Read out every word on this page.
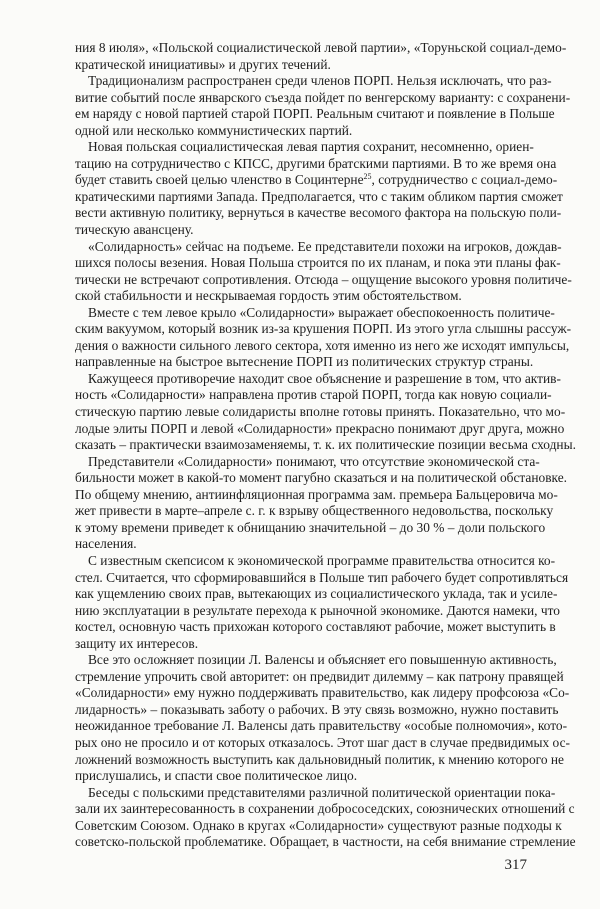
ния 8 июля», «Польской социалистической левой партии», «Торуньской социал-демо-
кратической инициативы» и других течений.
Традиционализм распространен среди членов ПОРП. Нельзя исключать, что раз-
витие событий после январского съезда пойдет по венгерскому варианту: с сохранени-
ем наряду с новой партией старой ПОРП. Реальным считают и появление в Польше
одной или несколько коммунистических партий.
Новая польская социалистическая левая партия сохранит, несомненно, ориен-
тацию на сотрудничество с КПСС, другими братскими партиями. В то же время она
будет ставить своей целью членство в Социнтерне$^{25}$, сотрудничество с социал-демо-
кратическими партиями Запада. Предполагается, что с таким обликом партия сможет
вести активную политику, вернуться в качестве весомого фактора на польскую поли-
тическую авансцену.
«Солидарность» сейчас на подъеме. Ее представители похожи на игроков, дождав-
шихся полосы везения. Новая Польша строится по их планам, и пока эти планы фак-
тически не встречают сопротивления. Отсюда – ощущение высокого уровня политиче-
ской стабильности и нескрываемая гордость этим обстоятельством.
Вместе с тем левое крыло «Солидарности» выражает обеспокоенность политиче-
ским вакуумом, который возник из-за крушения ПОРП. Из этого угла слышны рассуж-
дения о важности сильного левого сектора, хотя именно из него же исходят импульсы,
направленные на быстрое вытеснение ПОРП из политических структур страны.
Кажущееся противоречие находит свое объяснение и разрешение в том, что актив-
ность «Солидарности» направлена против старой ПОРП, тогда как новую социали-
стическую партию левые солидаристы вполне готовы принять. Показательно, что мо-
лодые элиты ПОРП и левой «Солидарности» прекрасно понимают друг друга, можно
сказать – практически взаимозаменяемы, т. к. их политические позиции весьма сходны.
Представители «Солидарности» понимают, что отсутствие экономической ста-
бильности может в какой-то момент пагубно сказаться и на политической обстановке.
По общему мнению, антиинфляционная программа зам. премьера Бальцеровича мо-
жет привести в марте–апреле с. г. к взрыву общественного недовольства, поскольку
к этому времени приведет к обнищанию значительной – до 30 % – доли польского
населения.
С известным скепсисом к экономической программе правительства относится ко-
стел. Считается, что сформировавшийся в Польше тип рабочего будет сопротивляться
как ущемлению своих прав, вытекающих из социалистического уклада, так и усиле-
нию эксплуатации в результате перехода к рыночной экономике. Даются намеки, что
костел, основную часть прихожан которого составляют рабочие, может выступить в
защиту их интересов.
Все это осложняет позиции Л. Валенсы и объясняет его повышенную активность,
стремление упрочить свой авторитет: он предвидит дилемму – как патрону правящей
«Солидарности» ему нужно поддерживать правительство, как лидеру профсоюза «Со-
лидарность» – показывать заботу о рабочих. В эту связь возможно, нужно поставить
неожиданное требование Л. Валенсы дать правительству «особые полномочия», кото-
рых оно не просило и от которых отказалось. Этот шаг даст в случае предвидимых ос-
ложнений возможность выступить как дальновидный политик, к мнению которого не
прислушались, и спасти свое политическое лицо.
Беседы с польскими представителями различной политической ориентации пока-
зали их заинтересованность в сохранении добрососедских, союзнических отношений с
Советским Союзом. Однако в кругах «Солидарности» существуют разные подходы к
советско-польской проблематике. Обращает, в частности, на себя внимание стремление
317
